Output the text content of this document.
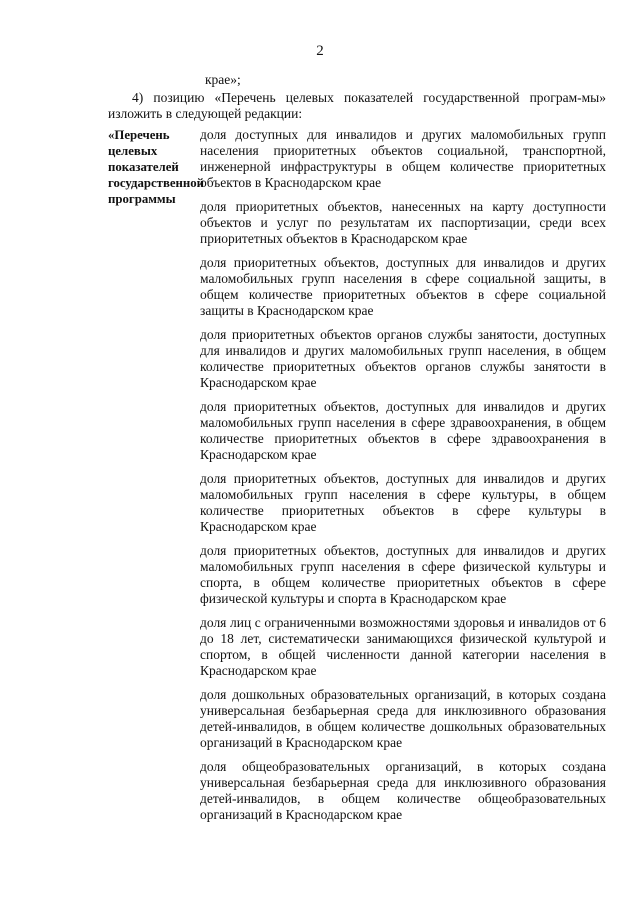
2
крае»;
4) позицию «Перечень целевых показателей государственной програм-мы» изложить в следующей редакции:
«Перечень целевых показателей государственной программы

доля доступных для инвалидов и других маломобильных групп населения приоритетных объектов социальной, транспортной, инженерной инфраструктуры в общем количестве приоритетных объектов в Краснодарском крае

доля приоритетных объектов, нанесенных на карту доступности объектов и услуг по результатам их паспортизации, среди всех приоритетных объектов в Краснодарском крае

доля приоритетных объектов, доступных для инвалидов и других маломобильных групп населения в сфере социальной защиты, в общем количестве приоритетных объектов в сфере социальной защиты в Краснодарском крае

доля приоритетных объектов органов службы занятости, доступных для инвалидов и других маломобильных групп населения, в общем количестве приоритетных объектов органов службы занятости в Краснодарском крае

доля приоритетных объектов, доступных для инвалидов и других маломобильных групп населения в сфере здравоохранения, в общем количестве приоритетных объектов в сфере здравоохранения в Краснодарском крае

доля приоритетных объектов, доступных для инвалидов и других маломобильных групп населения в сфере культуры, в общем количестве приоритетных объектов в сфере культуры в Краснодарском крае

доля приоритетных объектов, доступных для инвалидов и других маломобильных групп населения в сфере физической культуры и спорта, в общем количестве приоритетных объектов в сфере физической культуры и спорта в Краснодарском крае

доля лиц с ограниченными возможностями здоровья и инвалидов от 6 до 18 лет, систематически занимающихся физической культурой и спортом, в общей численности данной категории населения в Краснодарском крае

доля дошкольных образовательных организаций, в которых создана универсальная безбарьерная среда для инклюзивного образования детей-инвалидов, в общем количестве дошкольных образовательных организаций в Краснодарском крае

доля общеобразовательных организаций, в которых создана универсальная безбарьерная среда для инклюзивного образования детей-инвалидов, в общем количестве общеобразовательных организаций в Краснодарском крае
